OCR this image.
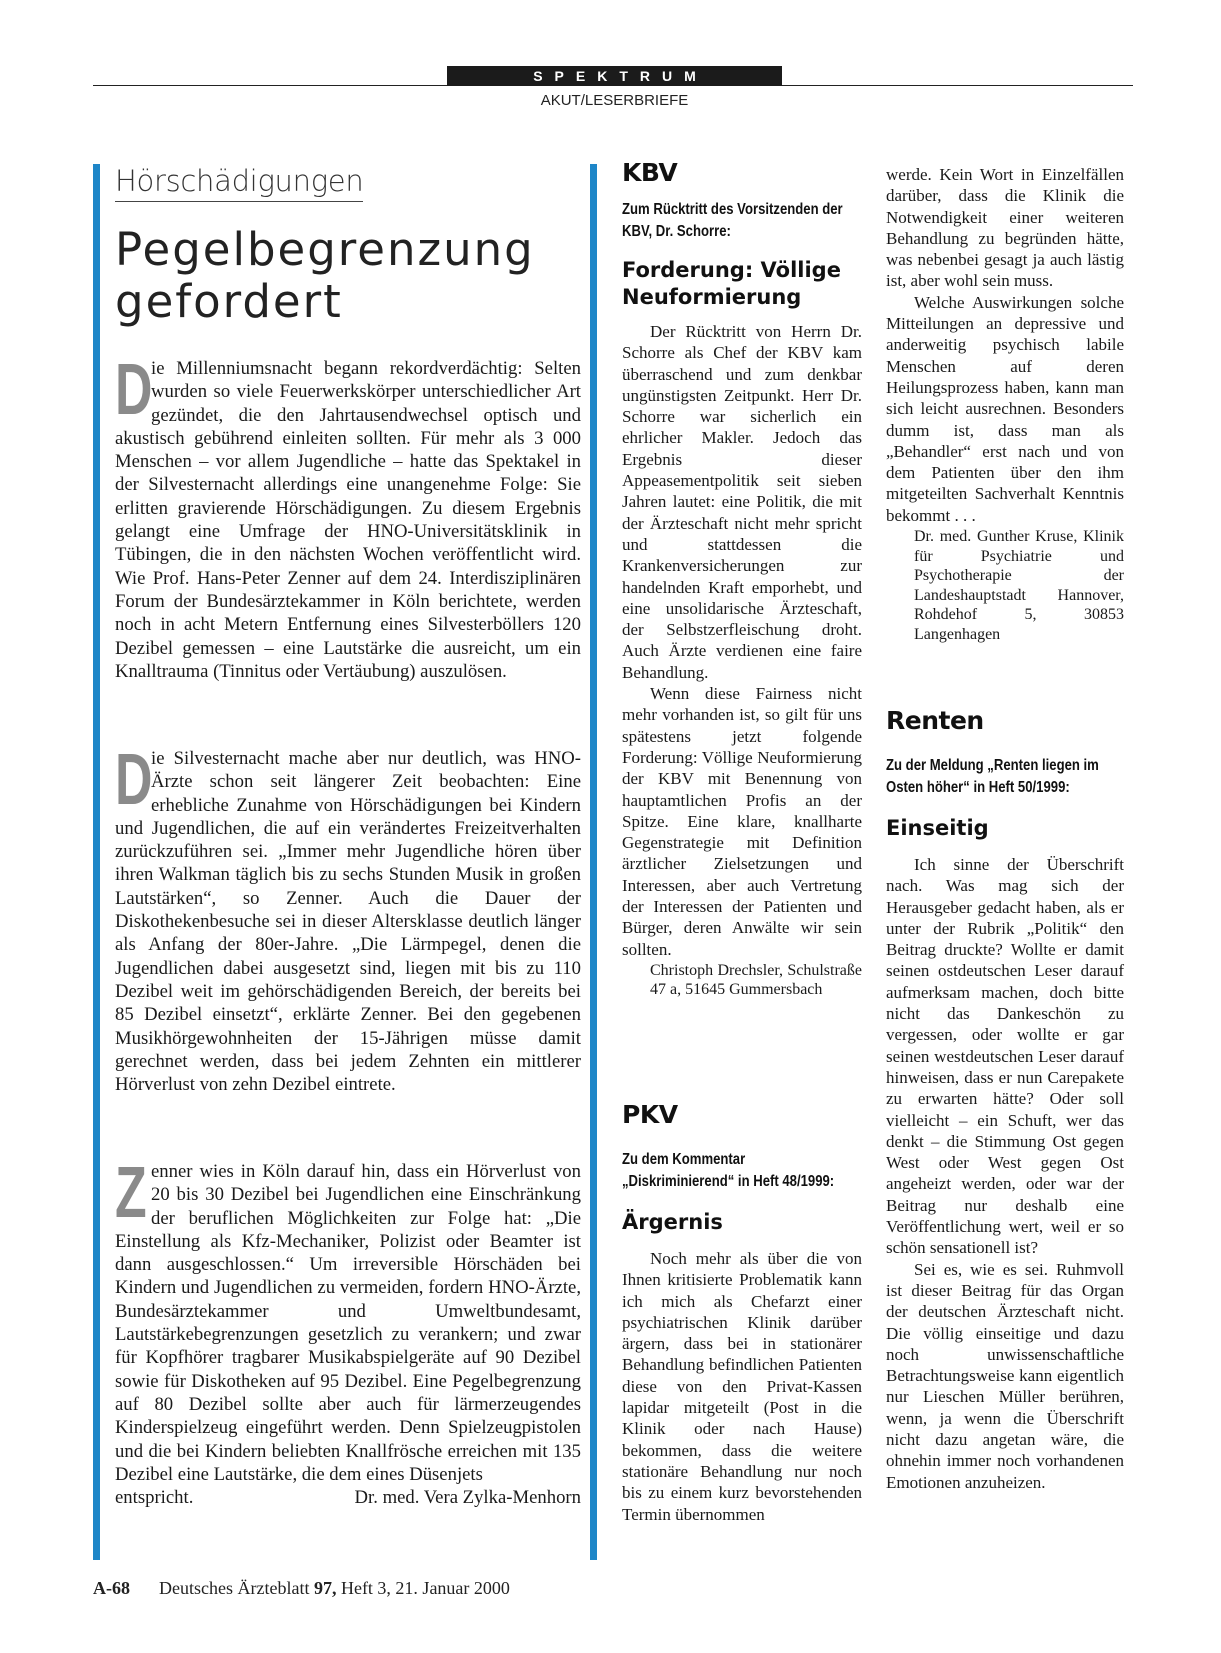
SPEKTRUM
AKUT/LESERBRIEFE
Hörschädigungen
Pegelbegrenzung
gefordert
D

ie Millenniumsnacht begann rekordverdächtig: Selten wurden so viele Feuerwerkskörper unterschiedlicher Art gezündet, die den Jahrtausendwechsel optisch und akustisch gebührend einleiten sollten. Für mehr als 3 000 Menschen – vor allem Jugendliche – hatte das Spektakel in der Silvesternacht allerdings eine unangenehme Folge: Sie erlitten gravierende Hörschädigungen. Zu diesem Ergebnis gelangt eine Umfrage der HNO-Universitätsklinik in Tübingen, die in den nächsten Wochen veröffentlicht wird. Wie Prof. Hans-Peter Zenner auf dem 24. Interdisziplinären Forum der Bundesärztekammer in Köln berichtete, werden noch in acht Metern Entfernung eines Silvesterböllers 120 Dezibel gemessen – eine Lautstärke die ausreicht, um ein Knalltrauma (Tinnitus oder Vertäubung) auszulösen.

D

ie Silvesternacht mache aber nur deutlich, was HNO-Ärzte schon seit längerer Zeit beobachten: Eine erhebliche Zunahme von Hörschädigungen bei Kindern und Jugendlichen, die auf ein verändertes Freizeitverhalten zurückzuführen sei. „Immer mehr Jugendliche hören über ihren Walkman täglich bis zu sechs Stunden Musik in großen Lautstärken“, so Zenner. Auch die Dauer der Diskothekenbesuche sei in dieser Altersklasse deutlich länger als Anfang der 80er-Jahre. „Die Lärmpegel, denen die Jugendlichen dabei ausgesetzt sind, liegen mit bis zu 110 Dezibel weit im gehörschädigenden Bereich, der bereits bei 85 Dezibel einsetzt“, erklärte Zenner. Bei den gegebenen Musikhörgewohnheiten der 15-Jährigen müsse damit gerechnet werden, dass bei jedem Zehnten ein mittlerer Hörverlust von zehn Dezibel eintrete.

Z enner wies in Köln darauf hin, dass ein Hörverlust von 20 bis 30 Dezibel bei Jugendlichen eine Einschränkung der beruflichen Möglichkeiten zur Folge hat: „Die Einstellung als Kfz-Mechaniker, Polizist oder Beamter ist dann ausgeschlossen.“ Um irreversible Hörschäden bei Kindern und Jugendlichen zu vermeiden, fordern HNO-Ärzte, Bundesärztekammer und Umweltbundesamt, Lautstärkebegrenzungen gesetzlich zu verankern; und zwar für Kopfhörer tragbarer Musikabspielgeräte auf 90 Dezibel sowie für Diskotheken auf 95 Dezibel. Eine Pegelbegrenzung auf 80 Dezibel sollte aber auch für lärmerzeugendes Kinderspielzeug eingeführt werden. Denn Spielzeugpistolen und die bei Kindern beliebten Knallfrösche erreichen mit 135 Dezibel eine Lautstärke, die dem eines Düsenjets

entspricht.	Dr. med. Vera Zylka-Menhorn
KBV
Zum Rücktritt des Vorsitzenden der KBV, Dr. Schorre:
Forderung: Völlige Neuformierung

Der Rücktritt von Herrn Dr. Schorre als Chef der KBV kam überraschend und zum denkbar ungünstigsten Zeitpunkt. Herr Dr. Schorre war sicherlich ein ehrlicher Makler. Jedoch das Ergebnis dieser Appeasementpolitik seit sieben Jahren lautet: eine Politik, die mit der Ärzteschaft nicht mehr spricht und stattdessen die Krankenversicherungen zur handelnden Kraft emporhebt, und eine unsolidarische Ärzteschaft, der Selbstzerfleischung droht. Auch Ärzte verdienen eine faire Behandlung.

Wenn diese Fairness nicht mehr vorhanden ist, so gilt für uns spätestens jetzt folgende Forderung: Völlige Neuformierung der KBV mit Benennung von hauptamtlichen Profis an der Spitze. Eine klare, knallharte Gegenstrategie mit Definition ärztlicher Zielsetzungen und Interessen, aber auch Vertretung der Interessen der Patienten und Bürger, deren Anwälte wir sein sollten.

Christoph Drechsler, Schulstraße 47 a, 51645 Gummersbach
PKV
Zu dem Kommentar „Diskriminierend“ in Heft 48/1999:
Ärgernis

Noch mehr als über die von Ihnen kritisierte Problematik kann ich mich als Chefarzt einer psychiatrischen Klinik darüber ärgern, dass bei in stationärer Behandlung befindlichen Patienten diese von den Privat-Kassen lapidar mitgeteilt (Post in die Klinik oder nach Hause) bekommen, dass die weitere stationäre Behandlung nur noch bis zu einem kurz bevorstehenden Termin übernommen

werde. Kein Wort in Einzelfällen darüber, dass die Klinik die Notwendigkeit einer weiteren Behandlung zu begründen hätte, was nebenbei gesagt ja auch lästig ist, aber wohl sein muss.

Welche Auswirkungen solche Mitteilungen an depressive und anderweitig psychisch labile Menschen auf deren Heilungsprozess haben, kann man sich leicht ausrechnen. Besonders dumm ist, dass man als „Behandler“ erst nach und von dem Patienten über den ihm mitgeteilten Sachverhalt Kenntnis bekommt . . .

Dr. med. Gunther Kruse, Klinik für Psychiatrie und Psychotherapie der Landeshauptstadt Hannover, Rohdehof 5, 30853 Langenhagen
Renten
Zu der Meldung „Renten liegen im Osten höher“ in Heft 50/1999:
Einseitig

Ich sinne der Überschrift nach. Was mag sich der Herausgeber gedacht haben, als er unter der Rubrik „Politik“ den Beitrag druckte? Wollte er damit seinen ostdeutschen Leser darauf aufmerksam machen, doch bitte nicht das Dankeschön zu vergessen, oder wollte er gar seinen westdeutschen Leser darauf hinweisen, dass er nun Carepakete zu erwarten hätte? Oder soll vielleicht – ein Schuft, wer das denkt – die Stimmung Ost gegen West oder West gegen Ost angeheizt werden, oder war der Beitrag nur deshalb eine Veröffentlichung wert, weil er so schön sensationell ist?

Sei es, wie es sei. Ruhmvoll ist dieser Beitrag für das Organ der deutschen Ärzteschaft nicht. Die völlig einseitige und dazu noch unwissenschaftliche Betrachtungsweise kann eigentlich nur Lieschen Müller berühren, wenn, ja wenn die Überschrift nicht dazu angetan wäre, die ohnehin immer noch vorhandenen Emotionen anzuheizen.

A-68 Deutsches Ärzteblatt 97, Heft 3, 21. Januar 2000
